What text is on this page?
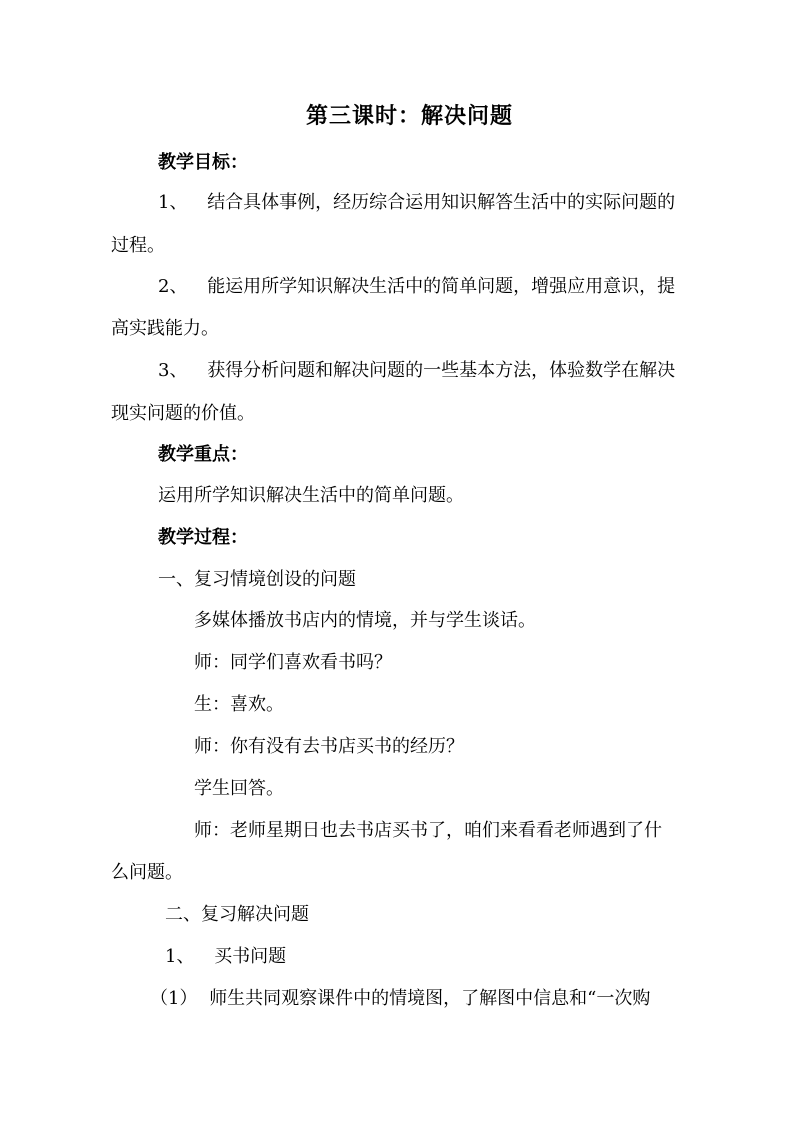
第三课时：解决问题
教学目标：
1、 结合具体事例，经历综合运用知识解答生活中的实际问题的
过程。
2、 能运用所学知识解决生活中的简单问题，增强应用意识，提
高实践能力。
3、 获得分析问题和解决问题的一些基本方法，体验数学在解决
现实问题的价值。
教学重点：
运用所学知识解决生活中的简单问题。
教学过程：
一、复习情境创设的问题
多媒体播放书店内的情境，并与学生谈话。
师：同学们喜欢看书吗？
生：喜欢。
师：你有没有去书店买书的经历？
学生回答。
师：老师星期日也去书店买书了，咱们来看看老师遇到了什
么问题。
二、复习解决问题
1、 买书问题
（1） 师生共同观察课件中的情境图，了解图中信息和“一次购
